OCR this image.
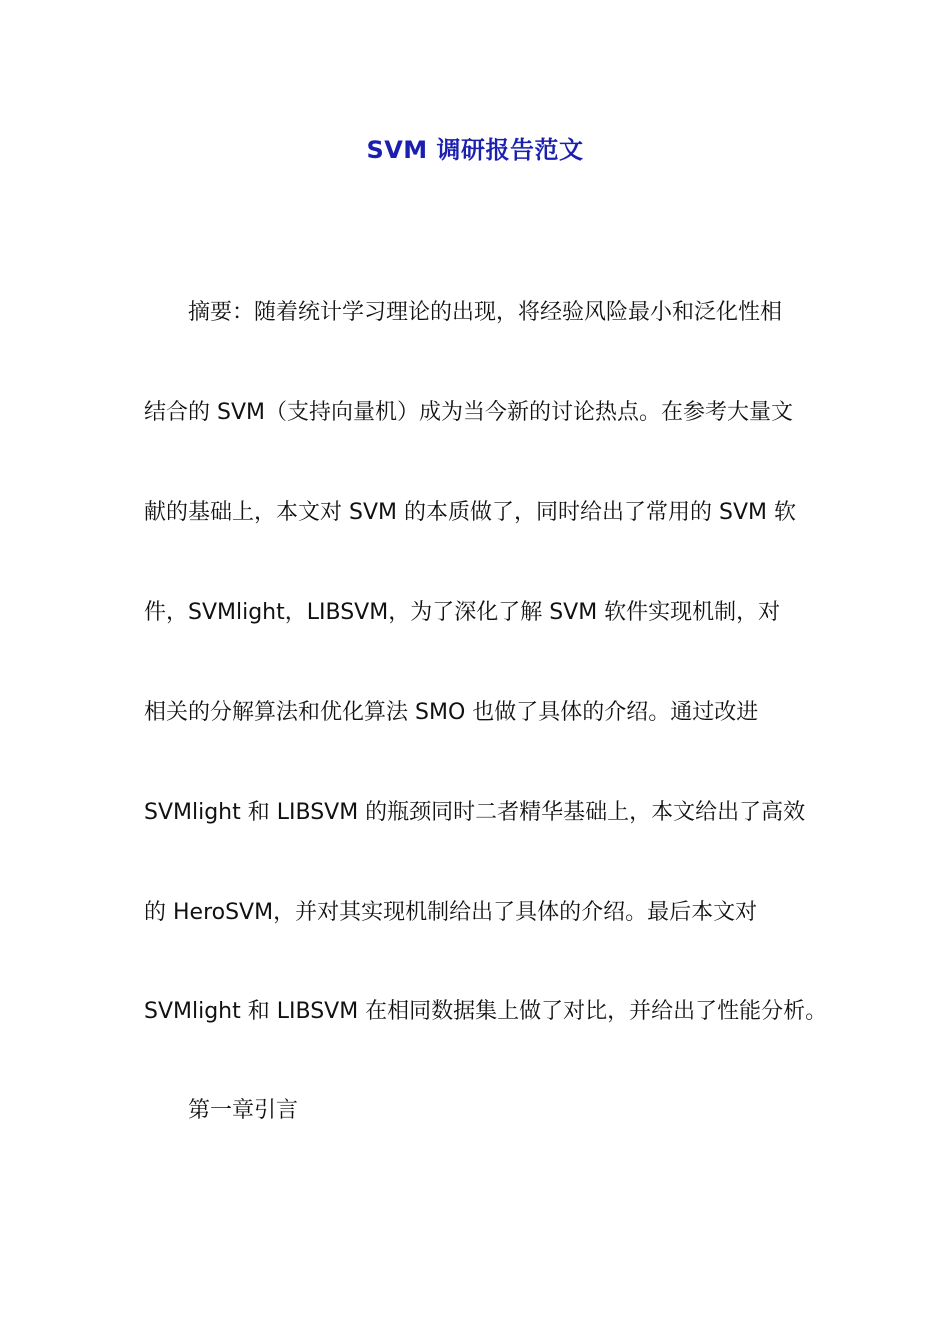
SVM 调研报告范文
摘要：随着统计学习理论的出现，将经验风险最小和泛化性相
结合的 SVM（支持向量机）成为当今新的讨论热点。在参考大量文
献的基础上，本文对 SVM 的本质做了，同时给出了常用的 SVM 软
件，SVMlight，LIBSVM，为了深化了解 SVM 软件实现机制，对
相关的分解算法和优化算法 SMO 也做了具体的介绍。通过改进
SVMlight 和 LIBSVM 的瓶颈同时二者精华基础上，本文给出了高效
的 HeroSVM，并对其实现机制给出了具体的介绍。最后本文对
SVMlight 和 LIBSVM 在相同数据集上做了对比，并给出了性能分析。
第一章引言
